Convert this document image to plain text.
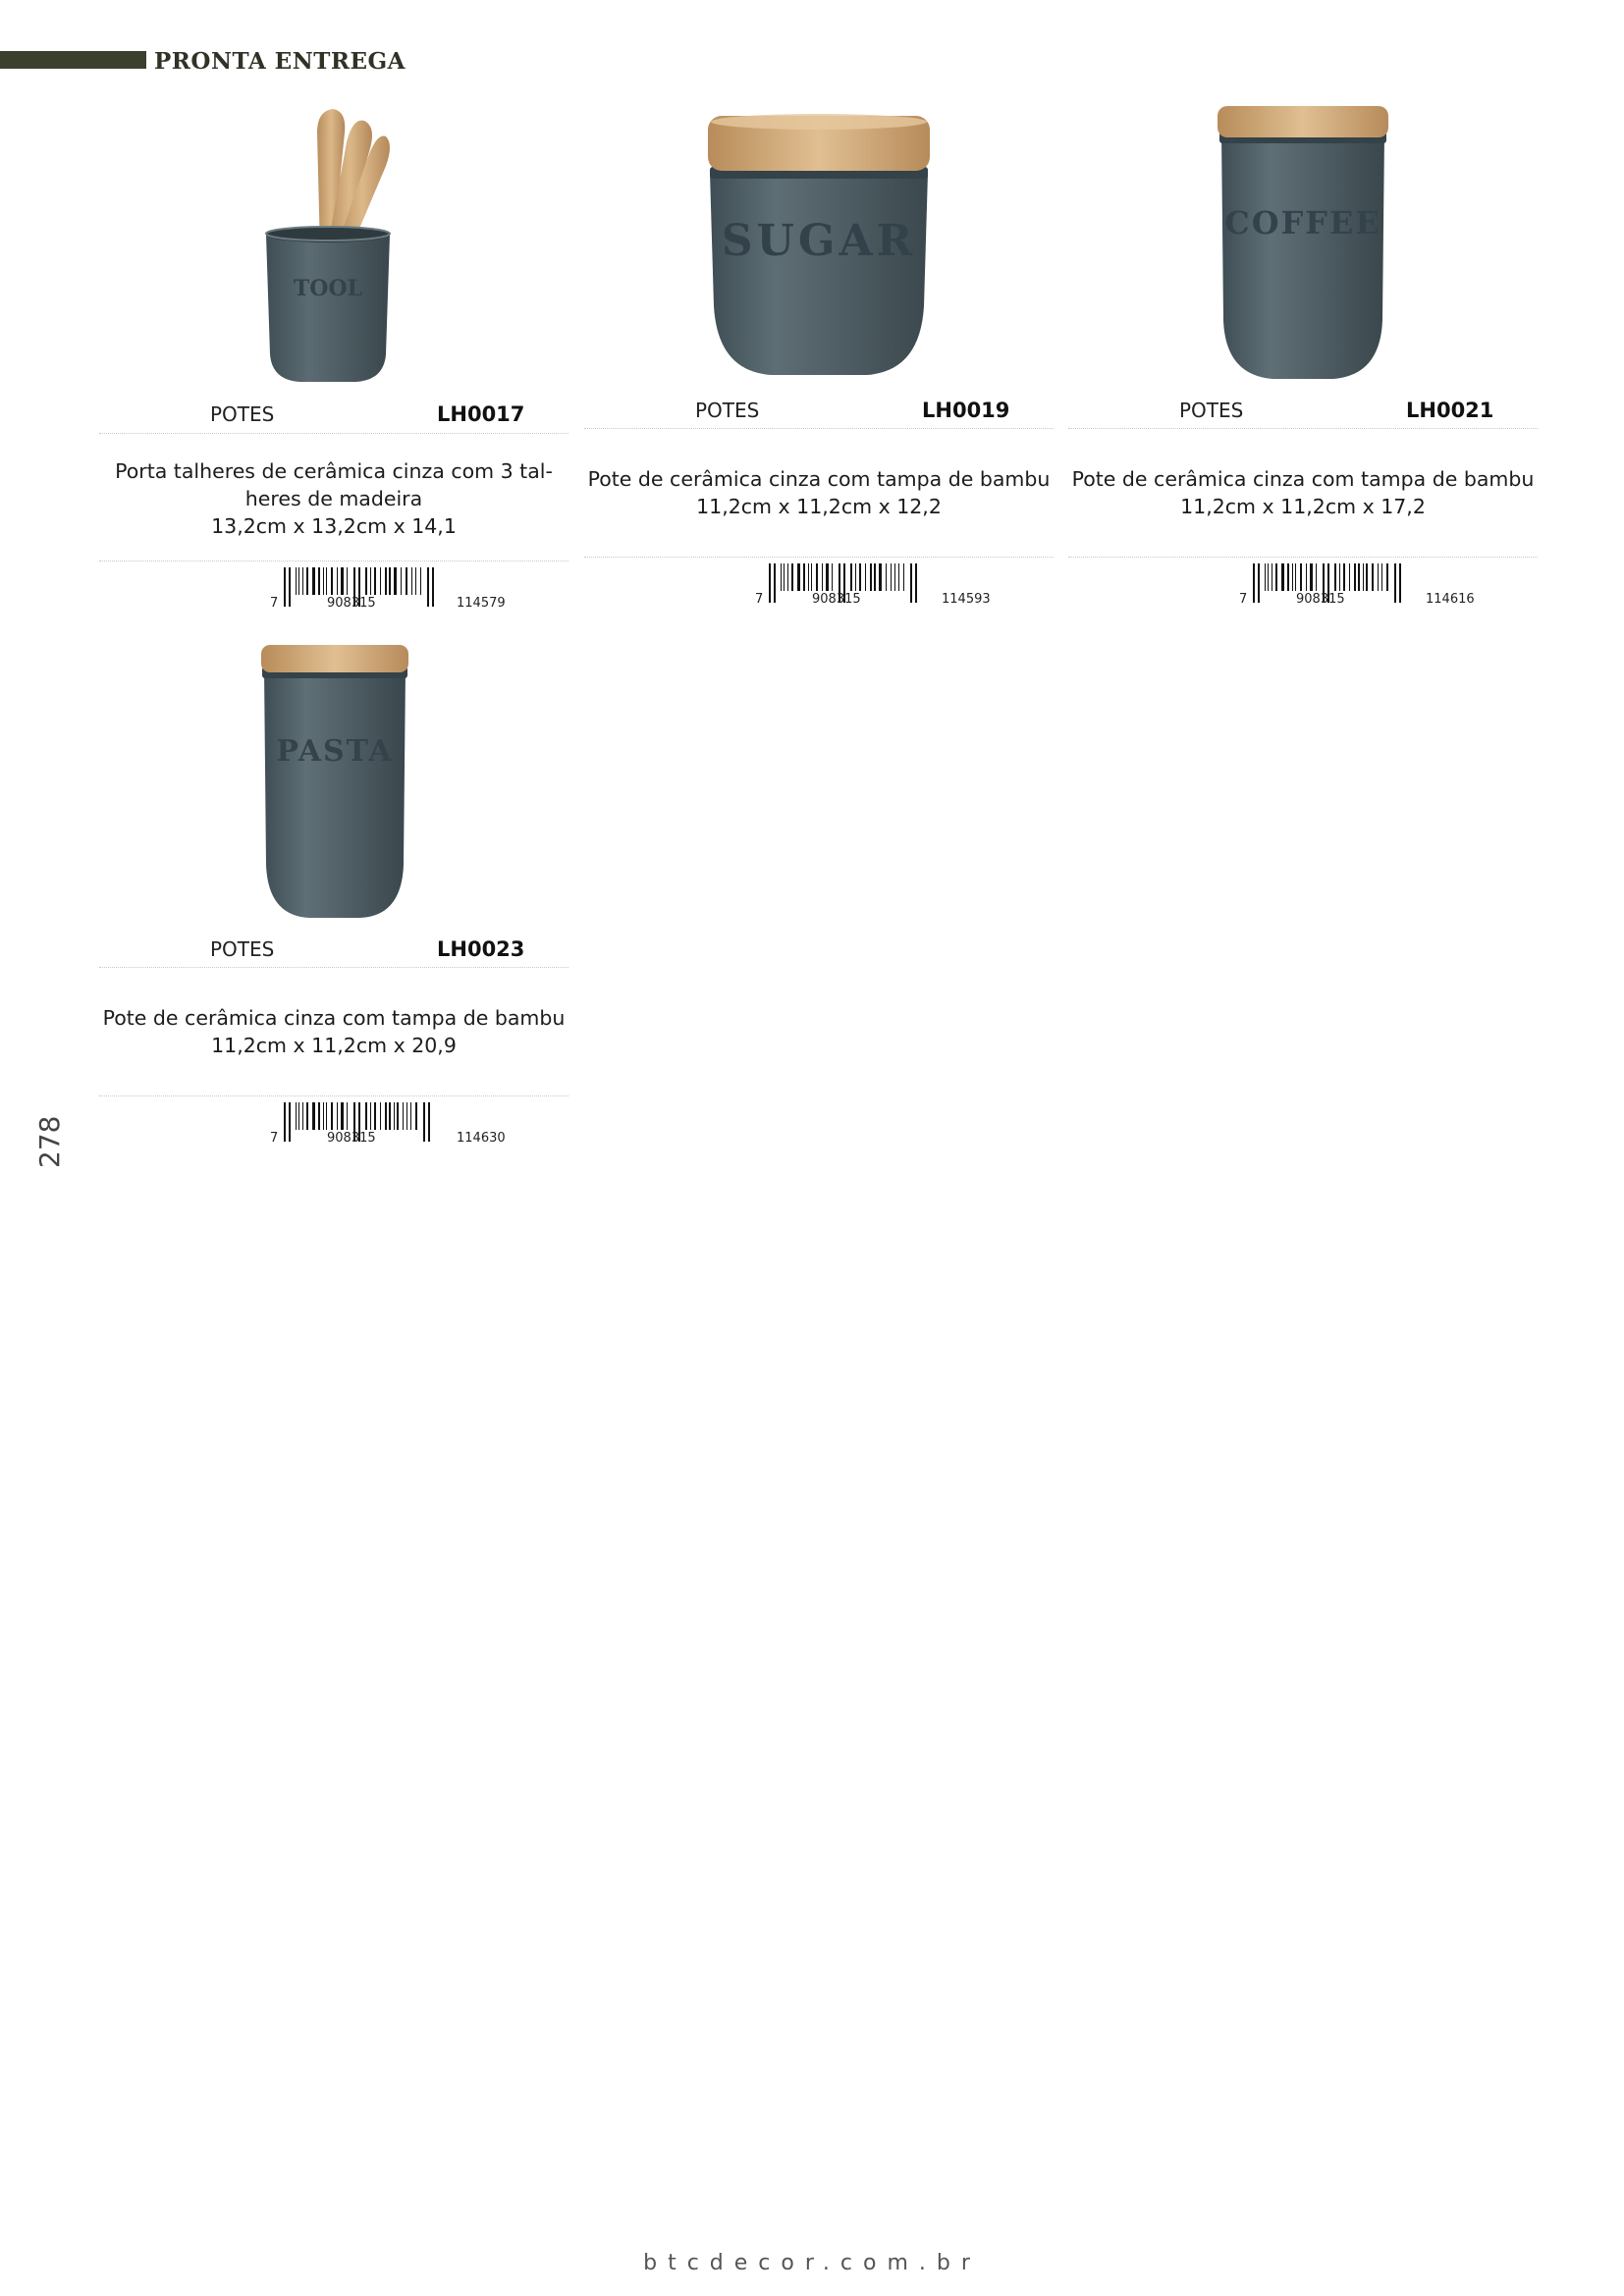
PRONTA ENTREGA
TOOL
POTES	LH0017
Porta talheres de cerâmica cinza com 3 tal-
heres de madeira
13,2cm x 13,2cm x 14,1
7	908315	114579
SUGAR
POTES	LH0019
Pote de cerâmica cinza com tampa de bambu
11,2cm x 11,2cm x 12,2
7	908315	114593
COFFEE
POTES	LH0021
Pote de cerâmica cinza com tampa de bambu
11,2cm x 11,2cm x 17,2
7	908315	114616
PASTA
POTES	LH0023
Pote de cerâmica cinza com tampa de bambu
11,2cm x 11,2cm x 20,9
7	908315	114630
278
btcdecor.com.br
